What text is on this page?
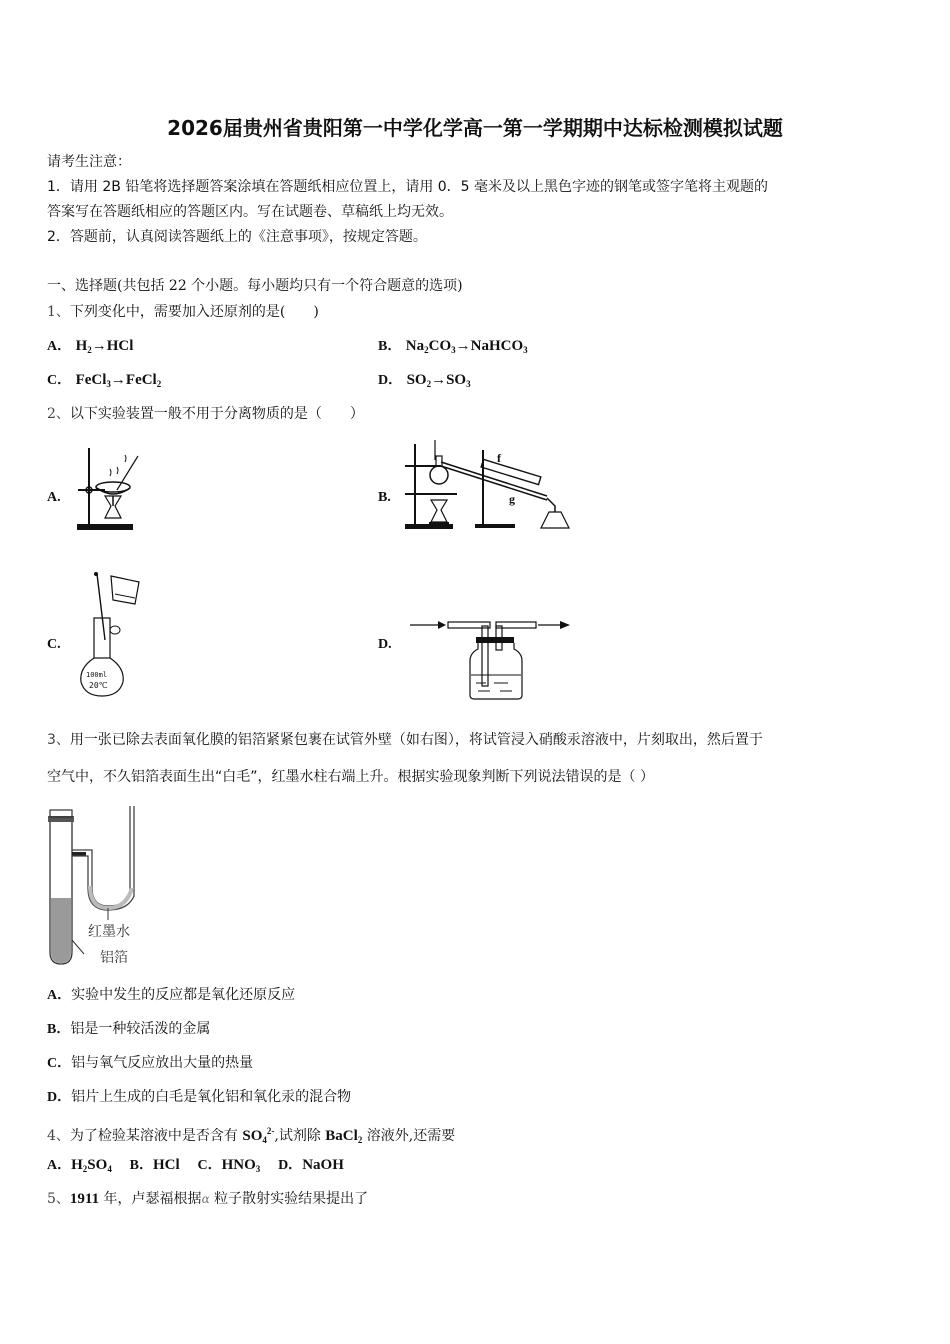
2026届贵州省贵阳第一中学化学高一第一学期期中达标检测模拟试题
请考生注意：
1．请用 2B 铅笔将选择题答案涂填在答题纸相应位置上，请用 0．5 毫米及以上黑色字迹的钢笔或签字笔将主观题的
答案写在答题纸相应的答题区内。写在试题卷、草稿纸上均无效。
2．答题前，认真阅读答题纸上的《注意事项》，按规定答题。
一、选择题(共包括 22 个小题。每小题均只有一个符合题意的选项)
1、下列变化中，需要加入还原剂的是(　　)
A． $H_2\to HCl$	B． $Na_2CO_3\to NaHCO_3$
C． FeCl$_3$→FeCl$_2$	D． $SO_2\to SO_3$
2、以下实验装置一般不用于分离物质的是（　　）
A.	B.
f
g
C.
100ml
20℃
D.
3、用一张已除去表面氧化膜的铝箔紧紧包裹在试管外壁（如右图），将试管浸入硝酸汞溶液中，片刻取出，然后置于
空气中，不久铝箔表面生出“白毛”，红墨水柱右端上升。根据实验现象判断下列说法错误的是（ ）
红墨水
铝箔
A．实验中发生的反应都是氧化还原反应
B．铝是一种较活泼的金属
C．铝与氧气反应放出大量的热量
D．铝片上生成的白毛是氧化铝和氧化汞的混合物
4、为了检验某溶液中是否含有 $SO_4^{2-}$,试剂除 BaCl$_2$ 溶液外,还需要
A．$H_2SO_4$ B．HCl C．$HNO_3$ D．NaOH
5、1911 年，卢瑟福根据α 粒子散射实验结果提出了
